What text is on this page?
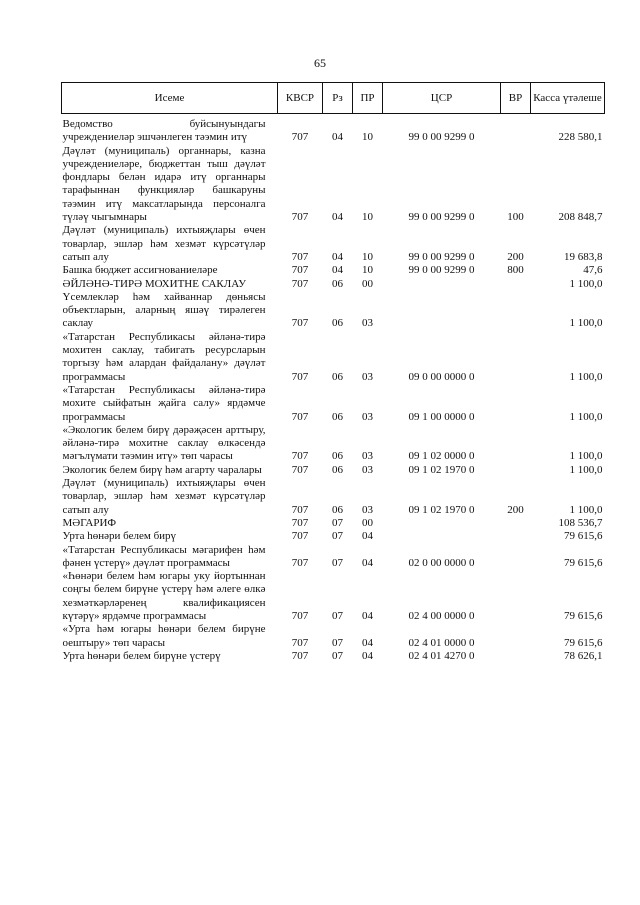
65
Исеме	КВСР	Рз	ПР	ЦСР	ВР	Касса үтәлеше
Ведомство буйсынуындагы учреждениеләр эшчәнлеген тәэмин итү	707	04	10	99 0 00 9299 0		228 580,1
Дәүләт (муниципаль) органнары, казна учреждениеләре, бюджеттан тыш дәүләт фондлары белән идарә итү органнары тарафыннан функцияләр башкаруны тәэмин итү максатларында персоналга түләү чыгымнары	707	04	10	99 0 00 9299 0	100	208 848,7
Дәүләт (муниципаль) ихтыяҗлары өчен товарлар, эшләр һәм хезмәт күрсәтүләр сатып алу	707	04	10	99 0 00 9299 0	200	19 683,8
Башка бюджет ассигнованиеләре	707	04	10	99 0 00 9299 0	800	47,6
ӘЙЛӘНӘ-ТИРӘ МОХИТНЕ САКЛАУ	707	06	00			1 100,0
Үсемлекләр һәм хайваннар дөньясы объектларын, аларның яшәү тирәлеген саклау	707	06	03			1 100,0
«Татарстан Республикасы әйләнә-тирә мохитен саклау, табигать ресурсларын торгызу һәм алардан файдалану» дәүләт программасы	707	06	03	09 0 00 0000 0		1 100,0
«Татарстан Республикасы әйләнә-тирә мохите сыйфатын җайга салу» ярдәмче программасы	707	06	03	09 1 00 0000 0		1 100,0
«Экологик белем бирү дәрәҗәсен арттыру, әйләнә-тирә мохитне саклау өлкәсендә мәгълүмати тәэмин итү» төп чарасы	707	06	03	09 1 02 0000 0		1 100,0
Экологик белем бирү һәм агарту чаралары	707	06	03	09 1 02 1970 0		1 100,0
Дәүләт (муниципаль) ихтыяҗлары өчен товарлар, эшләр һәм хезмәт күрсәтүләр сатып алу	707	06	03	09 1 02 1970 0	200	1 100,0
МӘГАРИФ	707	07	00			108 536,7
Урта һөнәри белем бирү	707	07	04			79 615,6
«Татарстан Республикасы мәгарифен һәм фәнен үстерү» дәүләт программасы	707	07	04	02 0 00 0000 0		79 615,6
«Һөнәри белем һәм югары уку йортыннан соңгы белем бирүне үстерү һәм әлеге өлкә хезмәткәрләренең квалификациясен күтәрү» ярдәмче программасы	707	07	04	02 4 00 0000 0		79 615,6
«Урта һәм югары һөнәри белем бирүне оештыру» төп чарасы	707	07	04	02 4 01 0000 0		79 615,6
Урта һөнәри белем бирүне үстерү	707	07	04	02 4 01 4270 0		78 626,1
